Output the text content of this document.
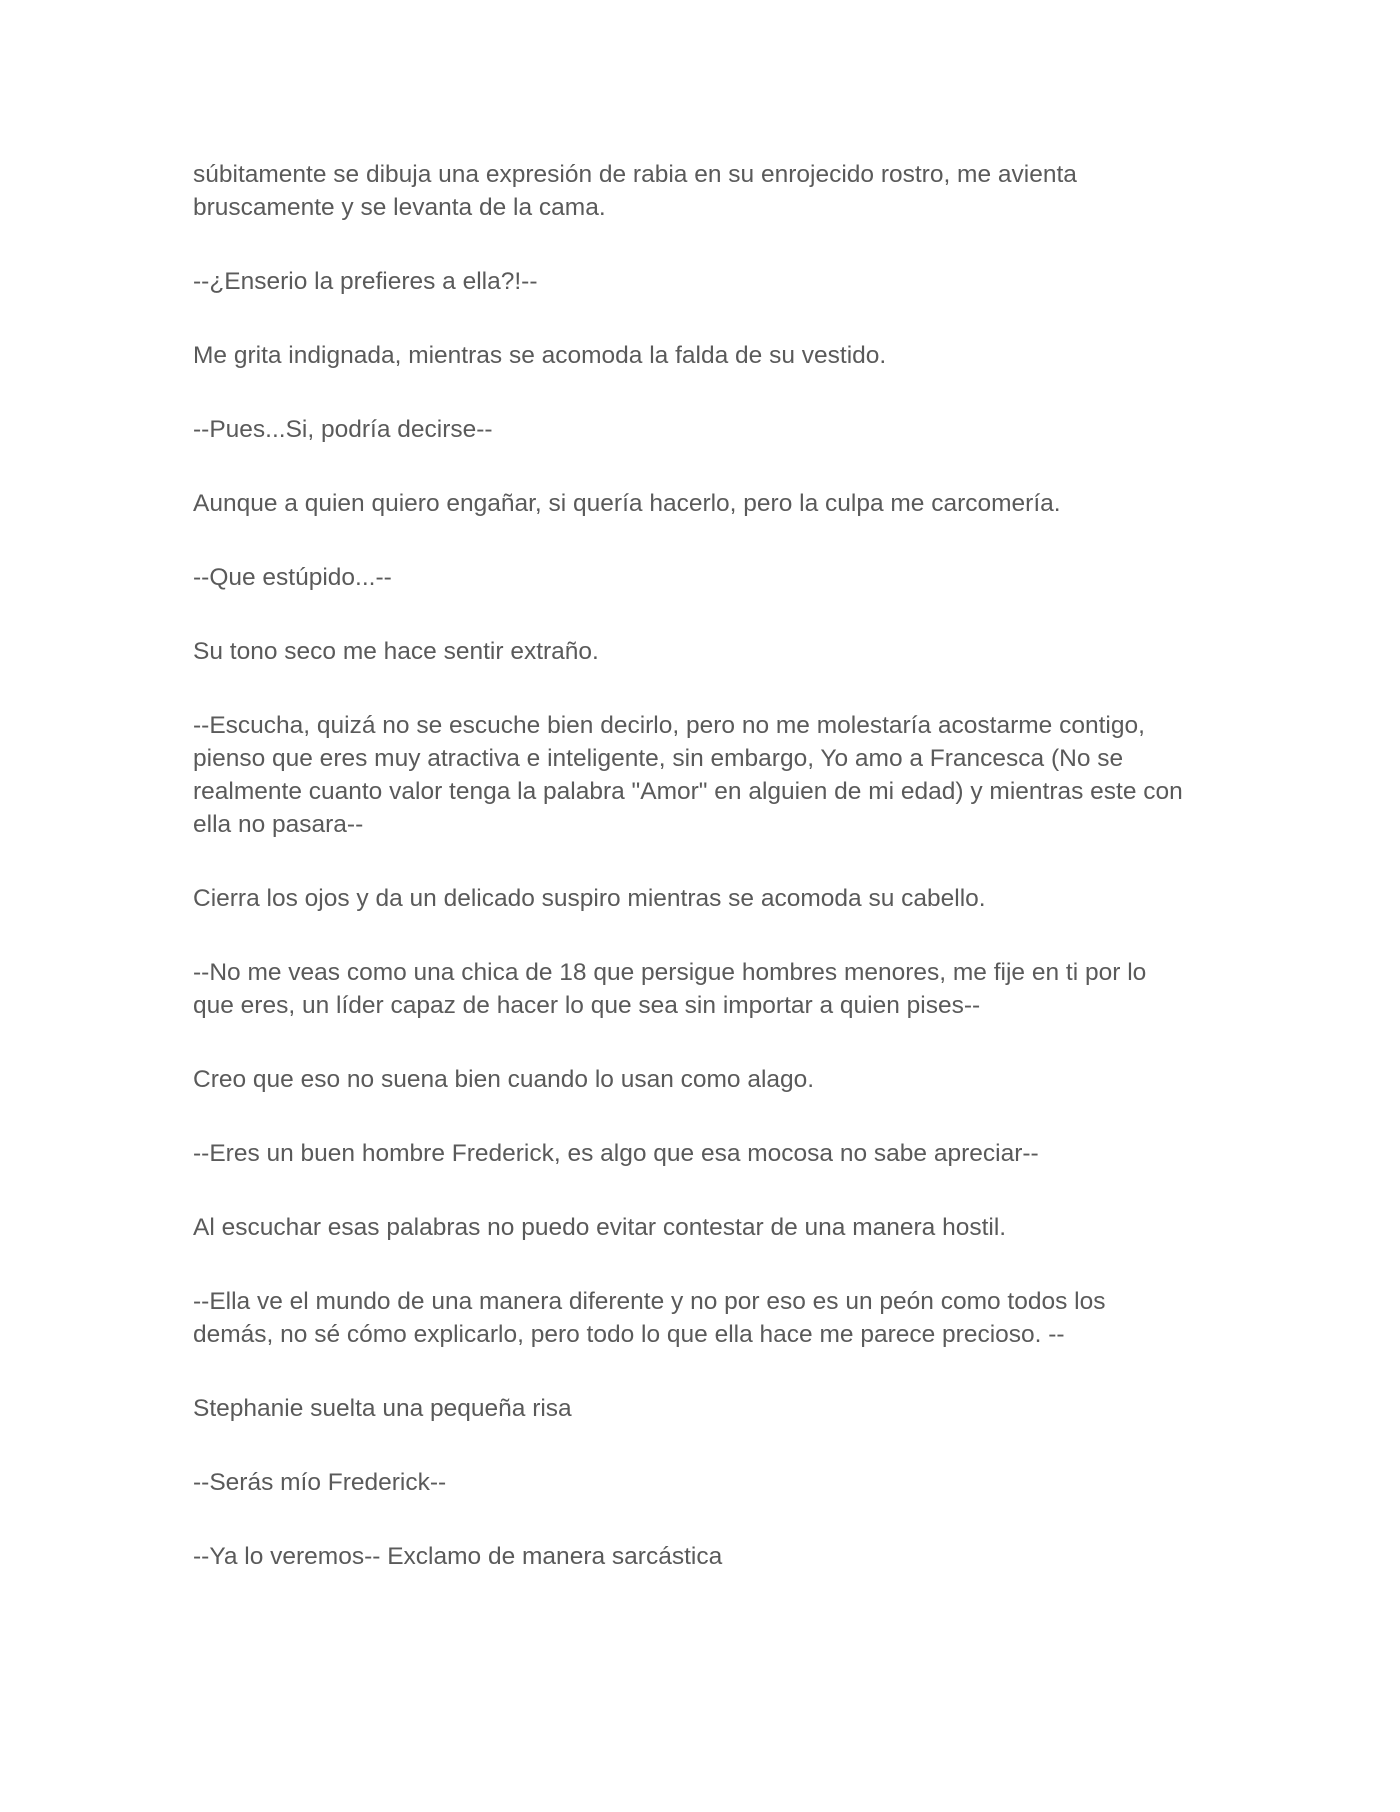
súbitamente se dibuja una expresión de rabia en su enrojecido rostro, me avienta bruscamente y se levanta de la cama.

--¿Enserio la prefieres a ella?!--

Me grita indignada, mientras se acomoda la falda de su vestido.

--Pues...Si, podría decirse--

Aunque a quien quiero engañar, si quería hacerlo, pero la culpa me carcomería.

--Que estúpido...--

Su tono seco me hace sentir extraño.

--Escucha, quizá no se escuche bien decirlo, pero no me molestaría acostarme contigo, pienso que eres muy atractiva e inteligente, sin embargo, Yo amo a Francesca (No se realmente cuanto valor tenga la palabra "Amor" en alguien de mi edad) y mientras este con ella no pasara--

Cierra los ojos y da un delicado suspiro mientras se acomoda su cabello.

--No me veas como una chica de 18 que persigue hombres menores, me fije en ti por lo que eres, un líder capaz de hacer lo que sea sin importar a quien pises--

Creo que eso no suena bien cuando lo usan como alago.

--Eres un buen hombre Frederick, es algo que esa mocosa no sabe apreciar--

Al escuchar esas palabras no puedo evitar contestar de una manera hostil.

--Ella ve el mundo de una manera diferente y no por eso es un peón como todos los demás, no sé cómo explicarlo, pero todo lo que ella hace me parece precioso. --

Stephanie suelta una pequeña risa

--Serás mío Frederick--

--Ya lo veremos-- Exclamo de manera sarcástica
